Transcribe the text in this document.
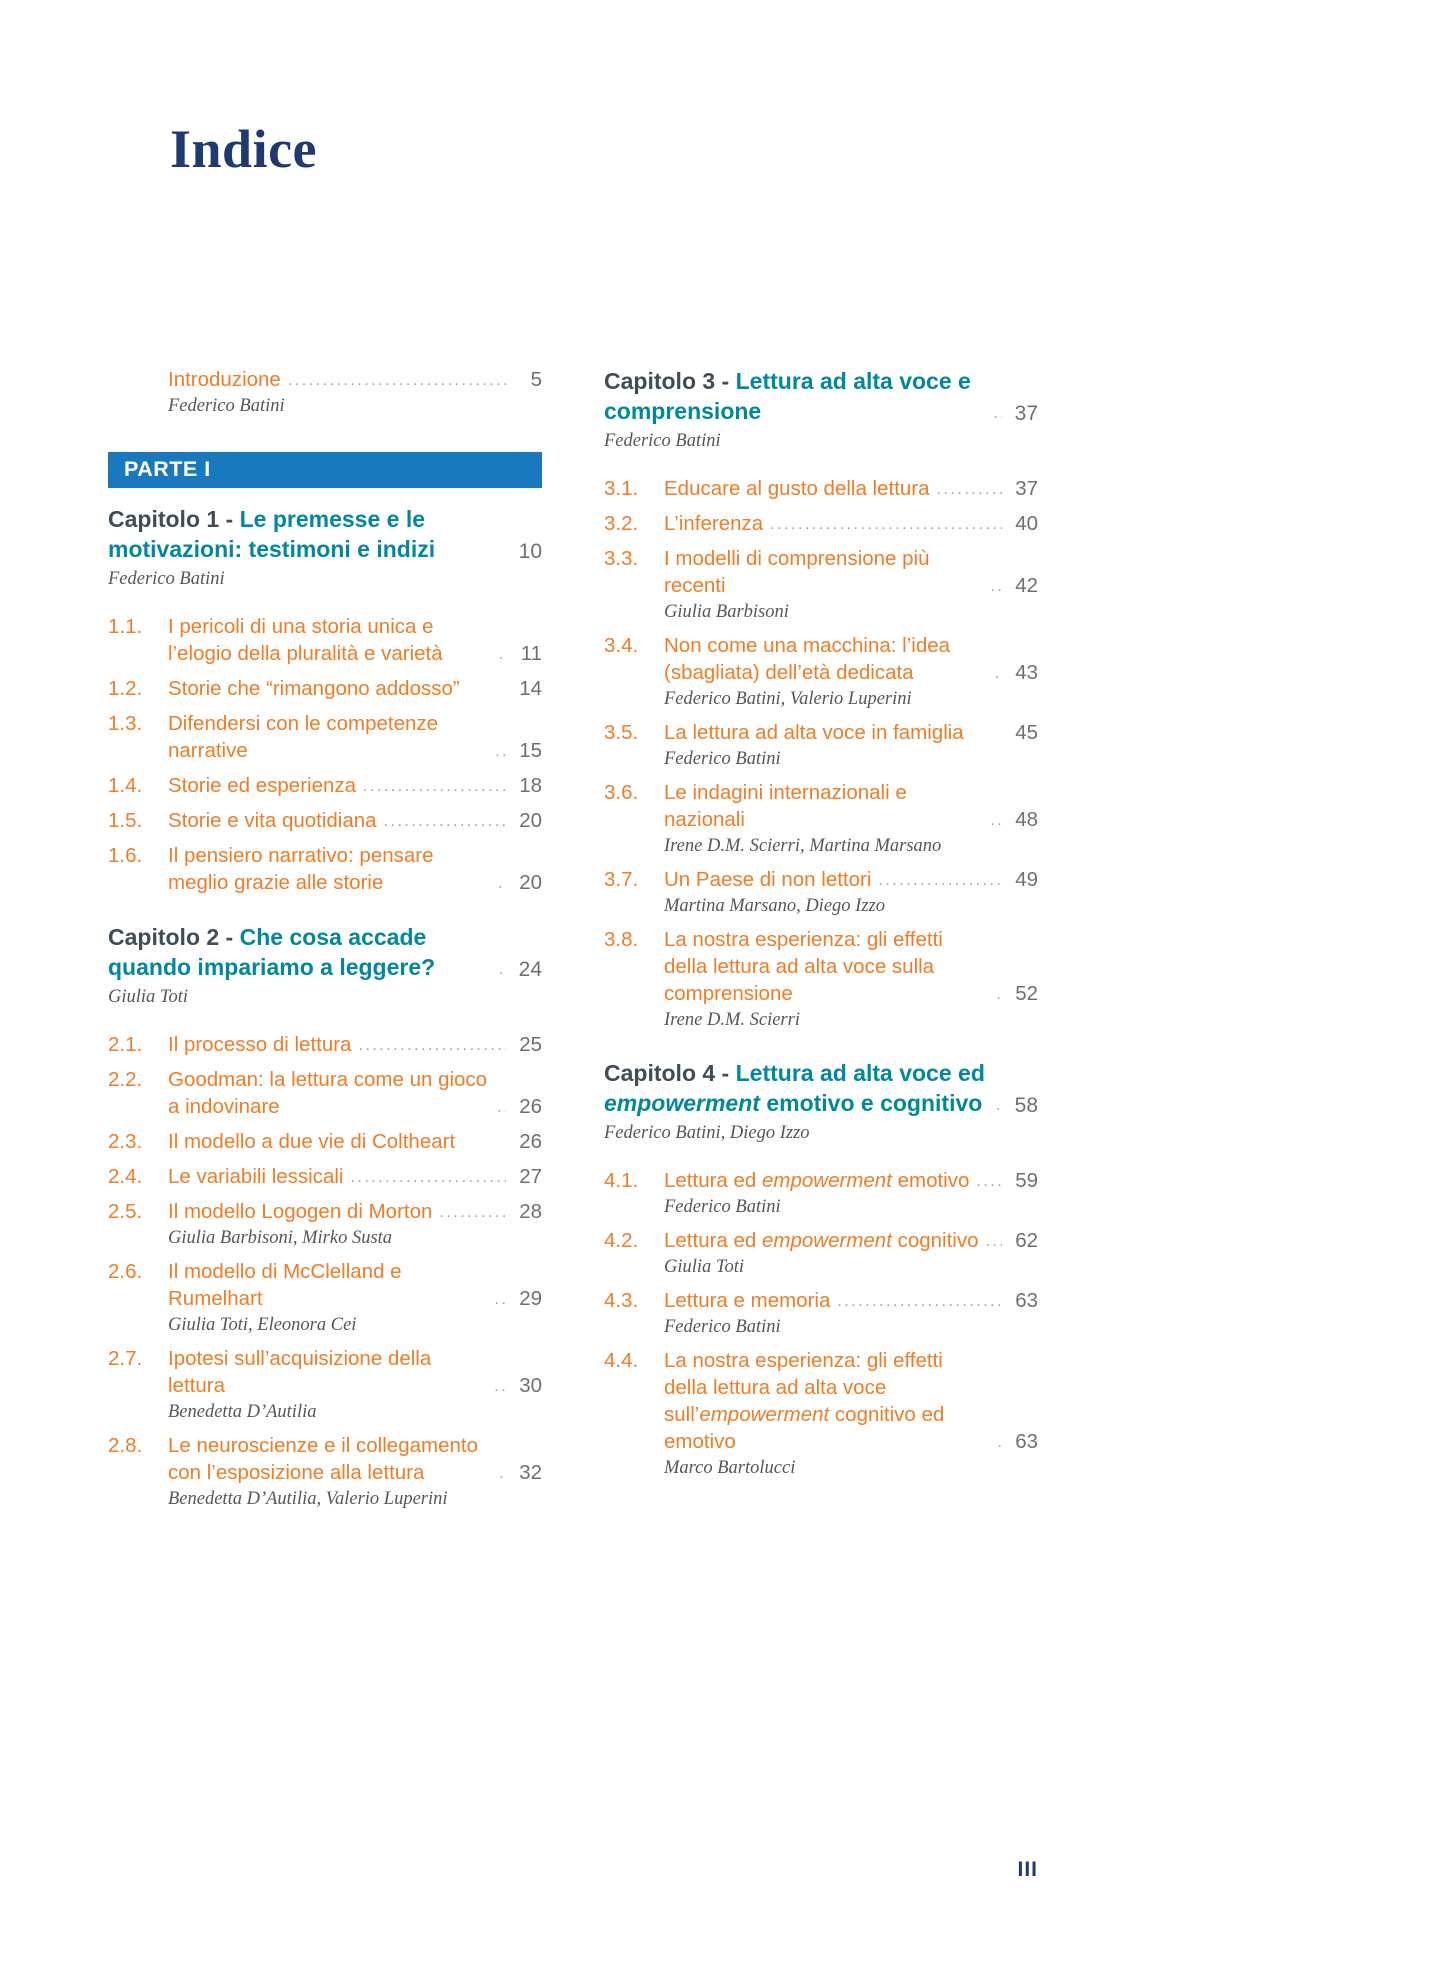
Indice
Introduzione .....	5
Federico Batini
PARTE I
Capitolo 1 - Le premesse e le motivazioni: testimoni e indizi	10
Federico Batini
1.1.	I pericoli di una storia unica e l’elogio della pluralità e varietà .....	11
1.2.	Storie che “rimangono addosso”	14
1.3.	Difendersi con le competenze narrative .....	15
1.4.	Storie ed esperienza .....	18
1.5.	Storie e vita quotidiana .....	20
1.6.	Il pensiero narrativo: pensare meglio grazie alle storie .....	20
Capitolo 2 - Che cosa accade quando impariamo a leggere? .....	24
Giulia Toti
2.1.	Il processo di lettura .....	25
2.2.	Goodman: la lettura come un gioco a indovinare .....	26
2.3.	Il modello a due vie di Coltheart	26
2.4.	Le variabili lessicali .....	27
2.5.	Il modello Logogen di Morton .....	28
Giulia Barbisoni, Mirko Susta
2.6.	Il modello di McClelland e Rumelhart .....	29
Giulia Toti, Eleonora Cei
2.7.	Ipotesi sull’acquisizione della lettura .....	30
Benedetta D’Autilia
2.8.	Le neuroscienze e il collegamento con l’esposizione alla lettura .....	32
Benedetta D’Autilia, Valerio Luperini
Capitolo 3 - Lettura ad alta voce e comprensione .....	37
Federico Batini
3.1.	Educare al gusto della lettura .....	37
3.2.	L’inferenza .....	40
3.3.	I modelli di comprensione più recenti .....	42
Giulia Barbisoni
3.4.	Non come una macchina: l’idea (sbagliata) dell’età dedicata .....	43
Federico Batini, Valerio Luperini
3.5.	La lettura ad alta voce in famiglia	45
Federico Batini
3.6.	Le indagini internazionali e nazionali .....	48
Irene D.M. Scierri, Martina Marsano
3.7.	Un Paese di non lettori .....	49
Martina Marsano, Diego Izzo
3.8.	La nostra esperienza: gli effetti della lettura ad alta voce sulla comprensione .....	52
Irene D.M. Scierri
Capitolo 4 - Lettura ad alta voce ed empowerment emotivo e cognitivo .....	58
Federico Batini, Diego Izzo
4.1.	Lettura ed empowerment emotivo .....	59
Federico Batini
4.2.	Lettura ed empowerment cognitivo .....	62
Giulia Toti
4.3.	Lettura e memoria .....	63
Federico Batini
4.4.	La nostra esperienza: gli effetti della lettura ad alta voce sull’empowerment cognitivo ed emotivo .....	63
Marco Bartolucci
III
